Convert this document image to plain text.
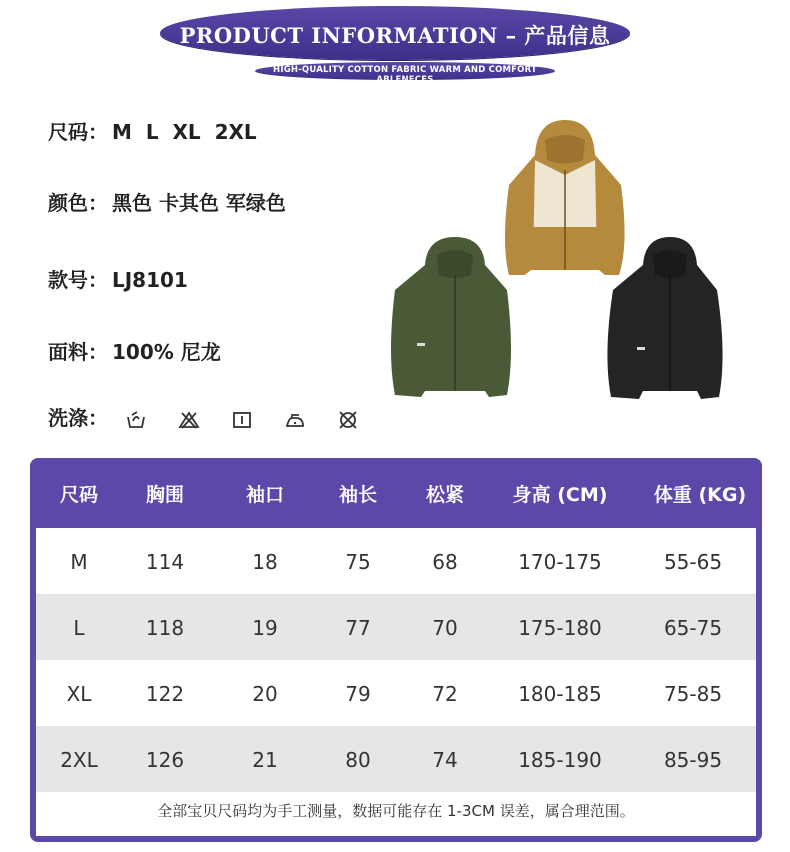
PRODUCT INFORMATION – 产品信息
HIGH-QUALITY COTTON FABRIC WARM AND COMFORT ABLENECES
尺码： M  L  XL  2XL
颜色： 黑色 卡其色 军绿色
款号： LJ8101
面料： 100% 尼龙
洗涤：
尺码	胸围	袖口	袖长	松紧	身高 (CM)	体重 (KG)
M	114	18	75	68	170-175	55-65
L	118	19	77	70	175-180	65-75
XL	122	20	79	72	180-185	75-85
2XL	126	21	80	74	185-190	85-95
全部宝贝尺码均为手工测量，数据可能存在 1-3CM 误差，属合理范围。
